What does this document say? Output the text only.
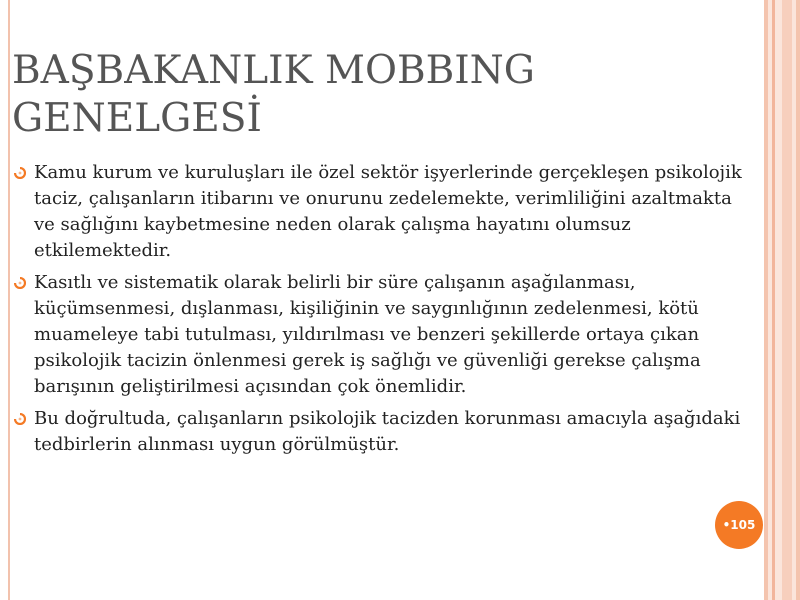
BAŞBAKANLIK MOBBING GENELGESİ
Kamu kurum ve kuruluşları ile özel sektör işyerlerinde gerçekleşen psikolojik taciz, çalışanların itibarını ve onurunu zedelemekte, verimliliğini azaltmakta ve sağlığını kaybetmesine neden olarak çalışma hayatını olumsuz etkilemektedir.
Kasıtlı ve sistematik olarak belirli bir süre çalışanın aşağılanması, küçümsenmesi, dışlanması, kişiliğinin ve saygınlığının zedelenmesi, kötü muameleye tabi tutulması, yıldırılması ve benzeri şekillerde ortaya çıkan psikolojik tacizin önlenmesi gerek iş sağlığı ve güvenliği gerekse çalışma barışının geliştirilmesi açısından çok önemlidir.
Bu doğrultuda, çalışanların psikolojik tacizden korunması amacıyla aşağıdaki tedbirlerin alınması uygun görülmüştür.
•105
